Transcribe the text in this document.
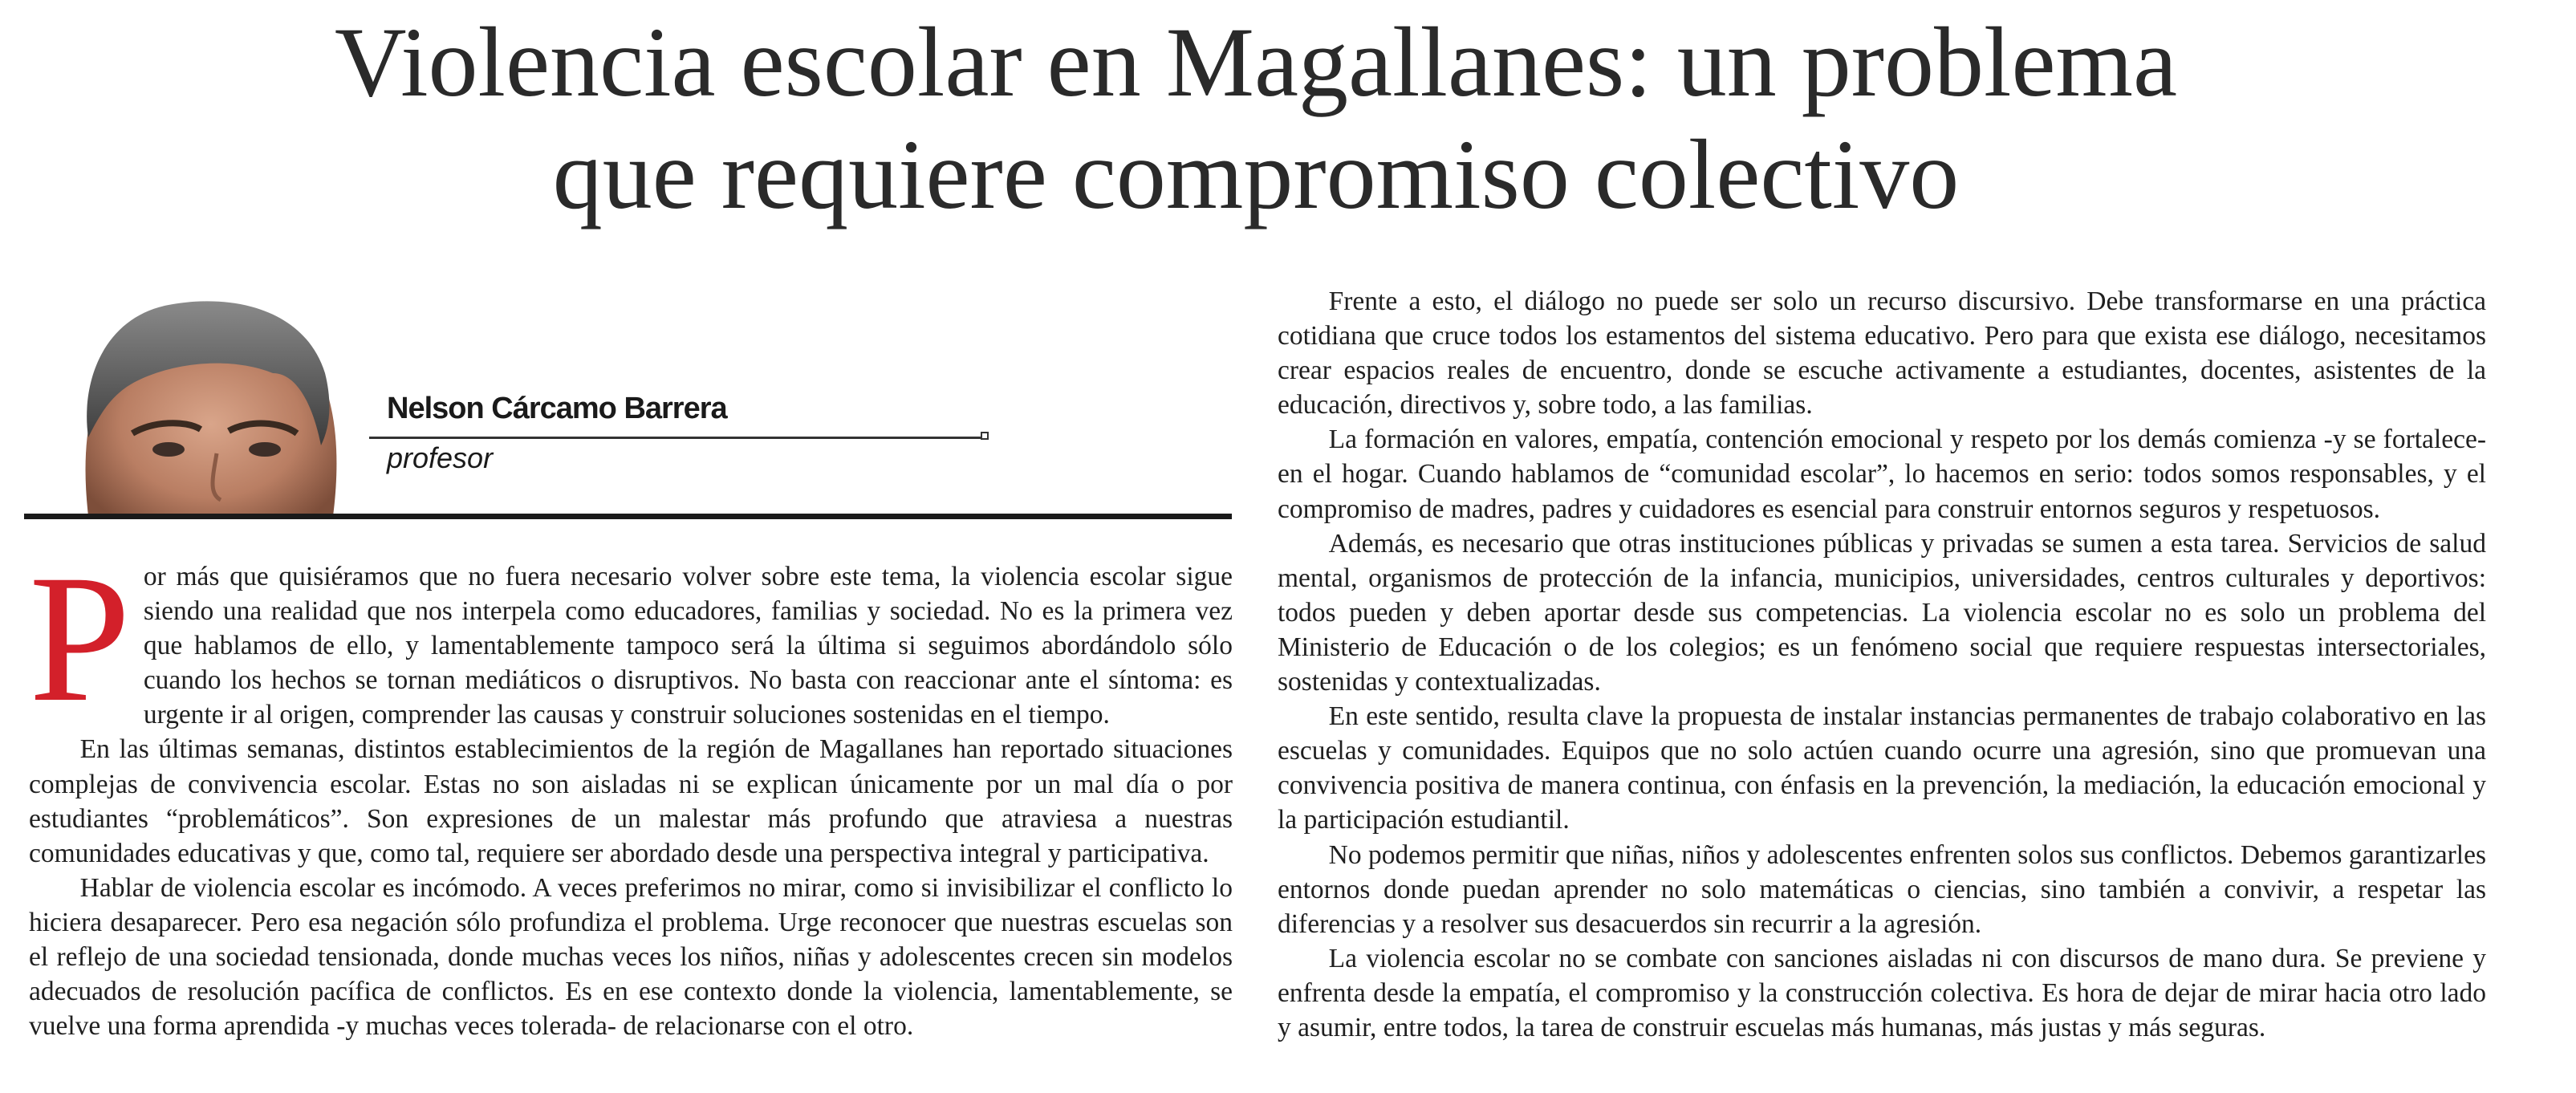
Violencia escolar en Magallanes: un problema
que requiere compromiso colectivo
Nelson Cárcamo Barrera
profesor

Por más que quisiéramos que no fuera necesario volver sobre este tema, la violencia escolar sigue siendo una realidad que nos interpela como educadores, familias y sociedad. No es la primera vez que hablamos de ello, y lamentablemente tampoco será la última si seguimos abordándolo sólo cuando los hechos se tornan mediáticos o disruptivos. No basta con reaccionar ante el síntoma: es urgente ir al origen, comprender las causas y construir soluciones sostenidas en el tiempo.

En las últimas semanas, distintos establecimientos de la región de Magallanes han reportado situaciones complejas de convivencia escolar. Estas no son aisladas ni se explican únicamente por un mal día o por estudiantes “problemáticos”. Son expresiones de un malestar más profundo que atraviesa a nuestras comunidades educativas y que, como tal, requiere ser abordado desde una perspectiva integral y participativa.

Hablar de violencia escolar es incómodo. A veces preferimos no mirar, como si invisibilizar el conflicto lo hiciera desaparecer. Pero esa negación sólo profundiza el problema. Urge reconocer que nuestras escuelas son el reflejo de una sociedad tensionada, donde muchas veces los niños, niñas y adolescentes crecen sin modelos adecuados de resolución pacífica de conflictos. Es en ese contexto donde la violencia, lamentablemente, se vuelve una forma aprendida -y muchas veces tolerada- de relacionarse con el otro.

Frente a esto, el diálogo no puede ser solo un recurso discursivo. Debe transformarse en una práctica cotidiana que cruce todos los estamentos del sistema educativo. Pero para que exista ese diálogo, necesitamos crear espacios reales de encuentro, donde se escuche activamente a estudiantes, docentes, asistentes de la educación, directivos y, sobre todo, a las familias.

La formación en valores, empatía, contención emocional y respeto por los demás comienza -y se fortalece- en el hogar. Cuando hablamos de “comunidad escolar”, lo hacemos en serio: todos somos responsables, y el compromiso de madres, padres y cuidadores es esencial para construir entornos seguros y respetuosos.

Además, es necesario que otras instituciones públicas y privadas se sumen a esta tarea. Servicios de salud mental, organismos de protección de la infancia, municipios, universidades, centros culturales y deportivos: todos pueden y deben aportar desde sus competencias. La violencia escolar no es solo un problema del Ministerio de Educación o de los colegios; es un fenómeno social que requiere respuestas intersectoriales, sostenidas y contextualizadas.

En este sentido, resulta clave la propuesta de instalar instancias permanentes de trabajo colaborativo en las escuelas y comunidades. Equipos que no solo actúen cuando ocurre una agresión, sino que promuevan una convivencia positiva de manera continua, con énfasis en la prevención, la mediación, la educación emocional y la participación estudiantil.

No podemos permitir que niñas, niños y adolescentes enfrenten solos sus conflictos. Debemos garantizarles entornos donde puedan aprender no solo matemáticas o ciencias, sino también a convivir, a respetar las diferencias y a resolver sus desacuerdos sin recurrir a la agresión.

La violencia escolar no se combate con sanciones aisladas ni con discursos de mano dura. Se previene y enfrenta desde la empatía, el compromiso y la construcción colectiva. Es hora de dejar de mirar hacia otro lado y asumir, entre todos, la tarea de construir escuelas más humanas, más justas y más seguras.
